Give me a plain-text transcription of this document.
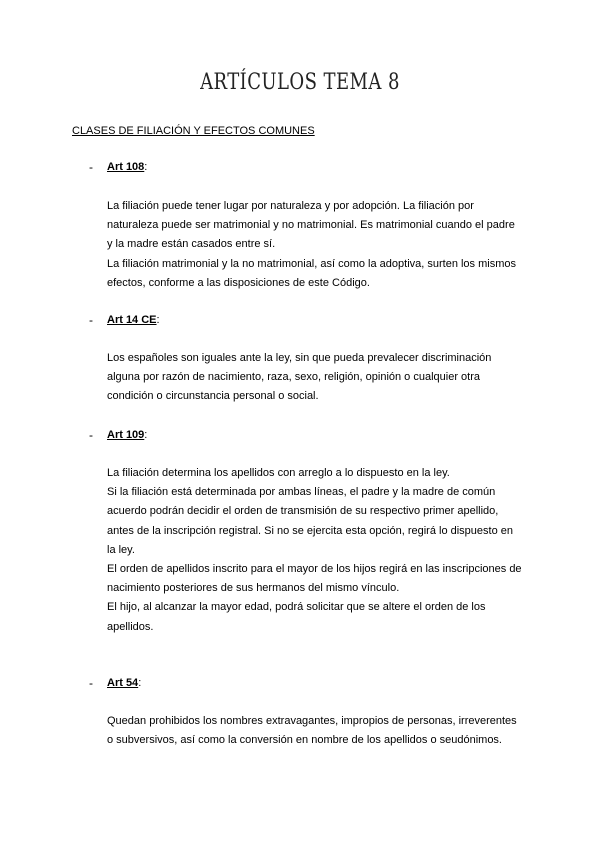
ARTÍCULOS TEMA 8
CLASES DE FILIACIÓN Y EFECTOS COMUNES
- Art 108:
La filiación puede tener lugar por naturaleza y por adopción. La filiación por
naturaleza puede ser matrimonial y no matrimonial. Es matrimonial cuando el padre
y la madre están casados entre sí.
La filiación matrimonial y la no matrimonial, así como la adoptiva, surten los mismos
efectos, conforme a las disposiciones de este Código.
- Art 14 CE:
Los españoles son iguales ante la ley, sin que pueda prevalecer discriminación
alguna por razón de nacimiento, raza, sexo, religión, opinión o cualquier otra
condición o circunstancia personal o social.
- Art 109:
La filiación determina los apellidos con arreglo a lo dispuesto en la ley.
Si la filiación está determinada por ambas líneas, el padre y la madre de común
acuerdo podrán decidir el orden de transmisión de su respectivo primer apellido,
antes de la inscripción registral. Si no se ejercita esta opción, regirá lo dispuesto en
la ley.
El orden de apellidos inscrito para el mayor de los hijos regirá en las inscripciones de
nacimiento posteriores de sus hermanos del mismo vínculo.
El hijo, al alcanzar la mayor edad, podrá solicitar que se altere el orden de los
apellidos.
- Art 54:
Quedan prohibidos los nombres extravagantes, impropios de personas, irreverentes
o subversivos, así como la conversión en nombre de los apellidos o seudónimos.
